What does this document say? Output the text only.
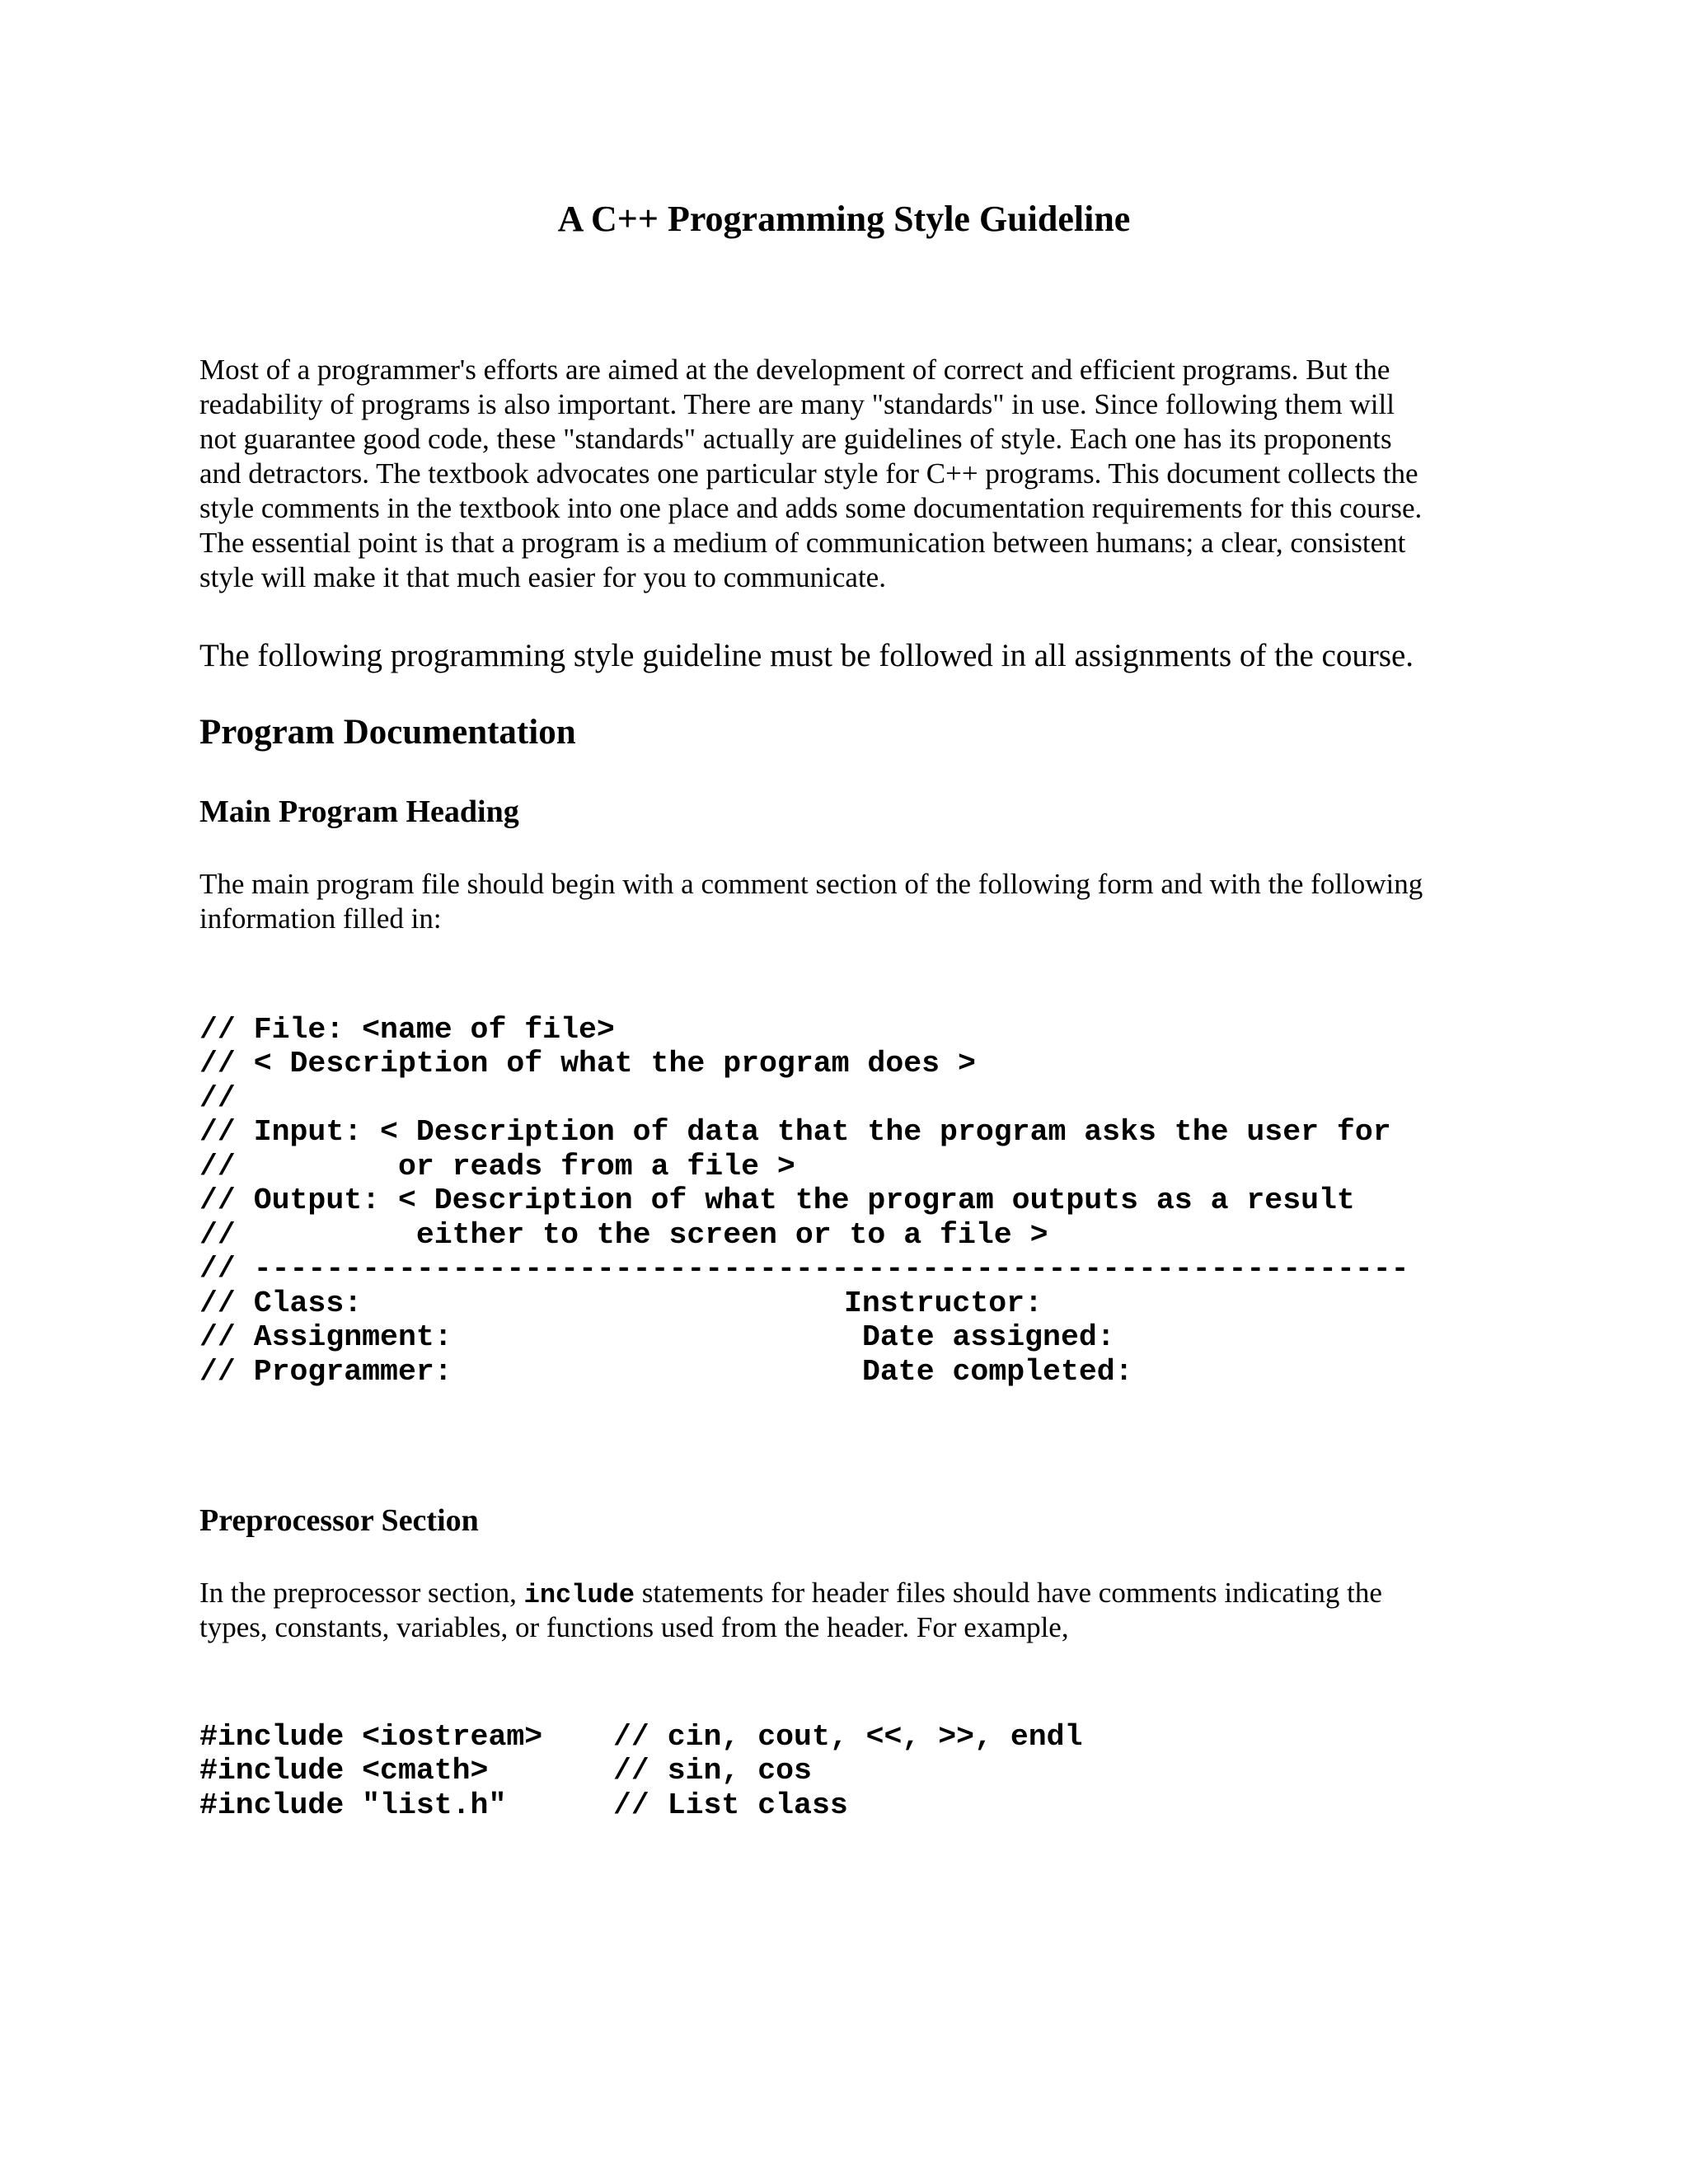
A C++ Programming Style Guideline
Most of a programmer's efforts are aimed at the development of correct and efficient programs. But the
readability of programs is also important. There are many "standards" in use. Since following them will
not guarantee good code, these "standards" actually are guidelines of style. Each one has its proponents
and detractors. The textbook advocates one particular style for C++ programs. This document collects the
style comments in the textbook into one place and adds some documentation requirements for this course.
The essential point is that a program is a medium of communication between humans; a clear, consistent
style will make it that much easier for you to communicate.

The following programming style guideline must be followed in all assignments of the course.

Program Documentation
Main Program Heading
The main program file should begin with a comment section of the following form and with the following
information filled in:
// File: <name of file>
// < Description of what the program does >
//
// Input: < Description of data that the program asks the user for
//         or reads from a file >
// Output: < Description of what the program outputs as a result
//          either to the screen or to a file >
// ----------------------------------------------------------------
// Class:	Instructor:
// Assignment:	Date assigned:
// Programmer:	Date completed:
Preprocessor Section
In the preprocessor section, include statements for header files should have comments indicating the
types, constants, variables, or functions used from the header. For example,
#include <iostream> // cin, cout, <<, >>, endl
#include <cmath>	// sin, cos
#include "list.h"	// List class
